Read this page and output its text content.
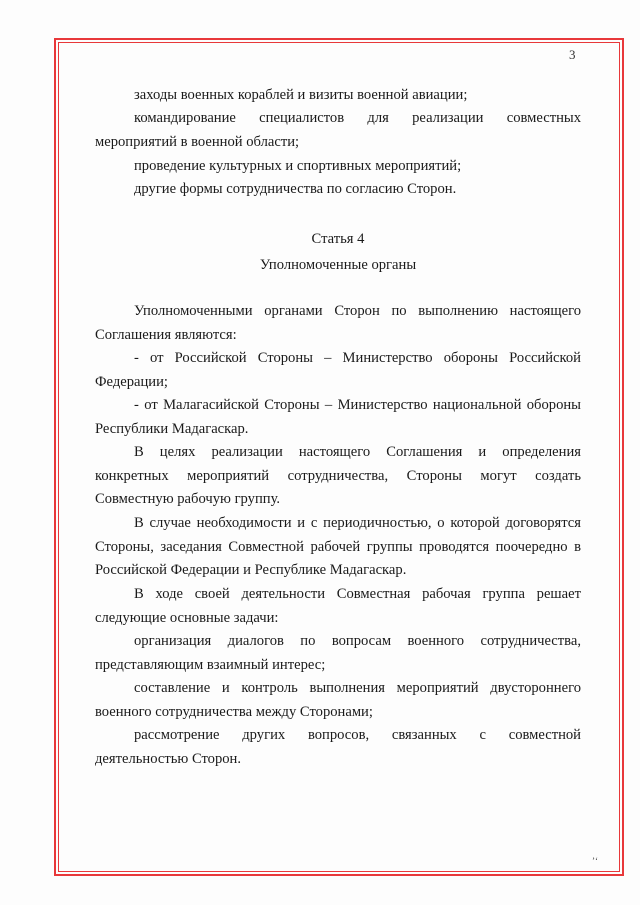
3
заходы военных кораблей и визиты военной авиации;
командирование специалистов для реализации совместных мероприятий в военной области;
проведение культурных и спортивных мероприятий;
другие формы сотрудничества по согласию Сторон.
Статья 4
Уполномоченные органы
Уполномоченными органами Сторон по выполнению настоящего Соглашения являются:
- от Российской Стороны – Министерство обороны Российской Федерации;
- от Малагасийской Стороны – Министерство национальной обороны Республики Мадагаскар.
В целях реализации настоящего Соглашения и определения конкретных мероприятий сотрудничества, Стороны могут создать Совместную рабочую группу.
В случае необходимости и с периодичностью, о которой договорятся Стороны, заседания Совместной рабочей группы проводятся поочередно в Российской Федерации и Республике Мадагаскар.
В ходе своей деятельности Совместная рабочая группа решает следующие основные задачи:
организация диалогов по вопросам военного сотрудничества, представляющим взаимный интерес;
составление и контроль выполнения мероприятий двустороннего военного сотрудничества между Сторонами;
рассмотрение других вопросов, связанных с совместной деятельностью Сторон.
’‘
